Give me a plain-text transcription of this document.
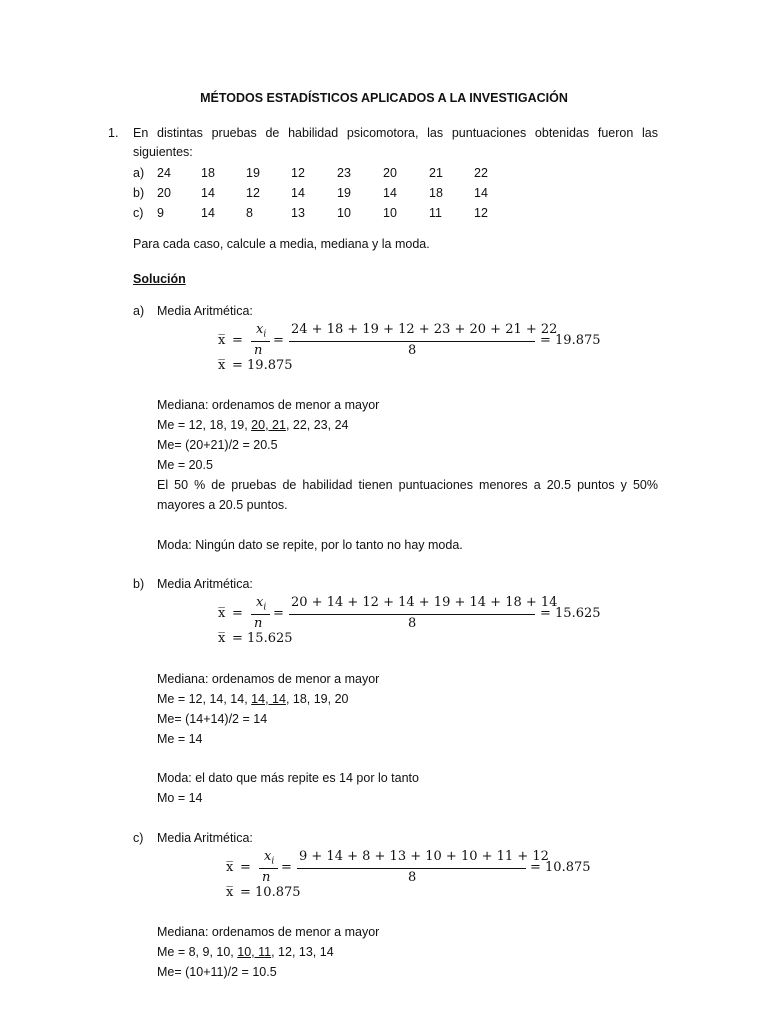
MÉTODOS ESTADÍSTICOS APLICADOS A LA INVESTIGACIÓN
1. En distintas pruebas de habilidad psicomotora, las puntuaciones obtenidas fueron las
siguientes:
a) 24 18 19 12	23	20	21 22
b) 20 14 12 14	19	14	18 14
c) 9	14 8	13	10	10	11	12
Para cada caso, calcule a media, mediana y la moda.
Solución
a) Media Aritmética:
x̅ =
$x_i$
n
=
24 + 18 + 19 + 12 + 23 + 20 + 21 + 22
8
= 19.875
x̅ = 19.875
Mediana: ordenamos de menor a mayor
Me = 12, 18, 19, 20, 21, 22, 23, 24
Me= (20+21)/2 = 20.5
Me = 20.5
El 50 % de pruebas de habilidad tienen puntuaciones menores a 20.5 puntos y 50%
mayores a 20.5 puntos.
Moda: Ningún dato se repite, por lo tanto no hay moda.
b) Media Aritmética:
x̅ =
$x_i$
n
=
20 + 14 + 12 + 14 + 19 + 14 + 18 + 14
8
= 15.625
x̅ = 15.625
Mediana: ordenamos de menor a mayor
Me = 12, 14, 14, 14, 14, 18, 19, 20
Me= (14+14)/2 = 14
Me = 14
Moda: el dato que más repite es 14 por lo tanto
Mo = 14
c) Media Aritmética:
x̅ =
$x_i$
n
=
9 + 14 + 8 + 13 + 10 + 10 + 11 + 12
8
= 10.875
x̅ = 10.875
Mediana: ordenamos de menor a mayor
Me = 8, 9, 10, 10, 11, 12, 13, 14
Me= (10+11)/2 = 10.5
